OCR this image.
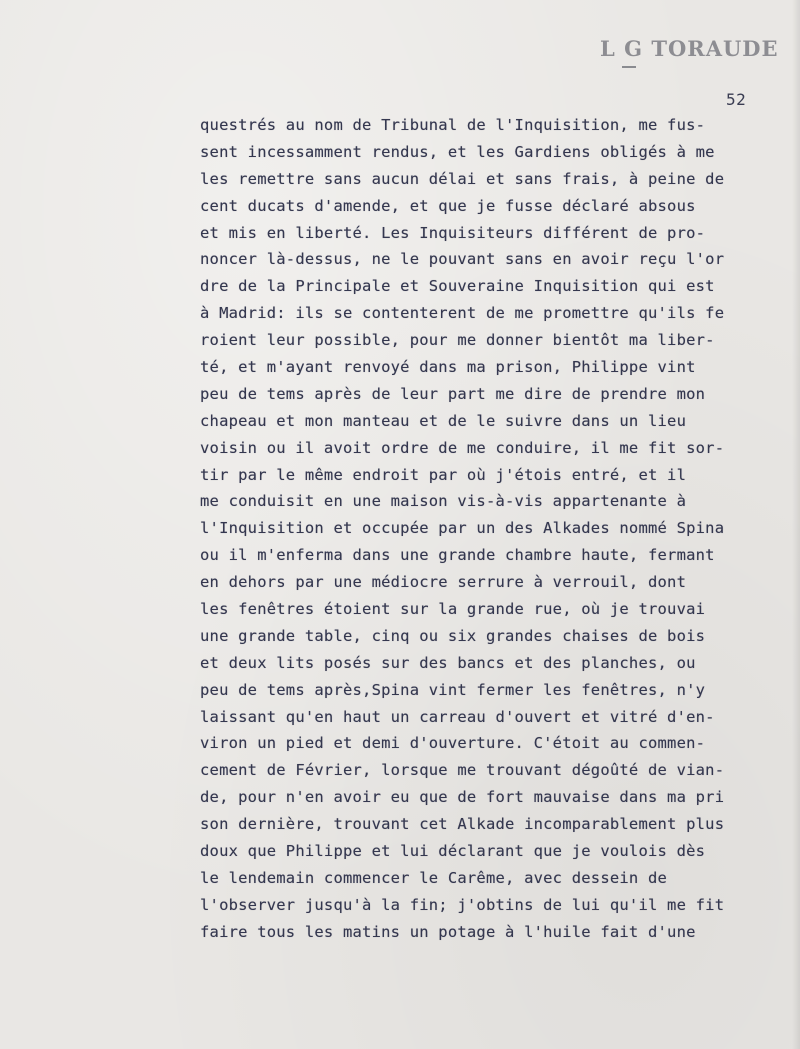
L G TORAUDE
52
questrés au nom de Tribunal de l'Inquisition, me fus-
sent incessamment rendus, et les Gardiens obligés à me
les remettre sans aucun délai et sans frais, à peine de
cent ducats d'amende, et que je fusse déclaré absous
et mis en liberté. Les Inquisiteurs différent de pro-
noncer là-dessus, ne le pouvant sans en avoir reçu l'or
dre de la Principale et Souveraine Inquisition qui est
à Madrid: ils se contenterent de me promettre qu'ils fe
roient leur possible, pour me donner bientôt ma liber-
té, et m'ayant renvoyé dans ma prison, Philippe vint
peu de tems après de leur part me dire de prendre mon
chapeau et mon manteau et de le suivre dans un lieu
voisin ou il avoit ordre de me conduire, il me fit sor-
tir par le même endroit par où j'étois entré, et il
me conduisit en une maison vis-à-vis appartenante à
l'Inquisition et occupée par un des Alkades nommé Spina
ou il m'enferma dans une grande chambre haute, fermant
en dehors par une médiocre serrure à verrouil, dont
les fenêtres étoient sur la grande rue, où je trouvai
une grande table, cinq ou six grandes chaises de bois
et deux lits posés sur des bancs et des planches, ou
peu de tems après,Spina vint fermer les fenêtres, n'y
laissant qu'en haut un carreau d'ouvert et vitré d'en-
viron un pied et demi d'ouverture. C'étoit au commen-
cement de Février, lorsque me trouvant dégoûté de vian-
de, pour n'en avoir eu que de fort mauvaise dans ma pri
son dernière, trouvant cet Alkade incomparablement plus
doux que Philippe et lui déclarant que je voulois dès
le lendemain commencer le Carême, avec dessein de
l'observer jusqu'à la fin; j'obtins de lui qu'il me fit
faire tous les matins un potage à l'huile fait d'une
